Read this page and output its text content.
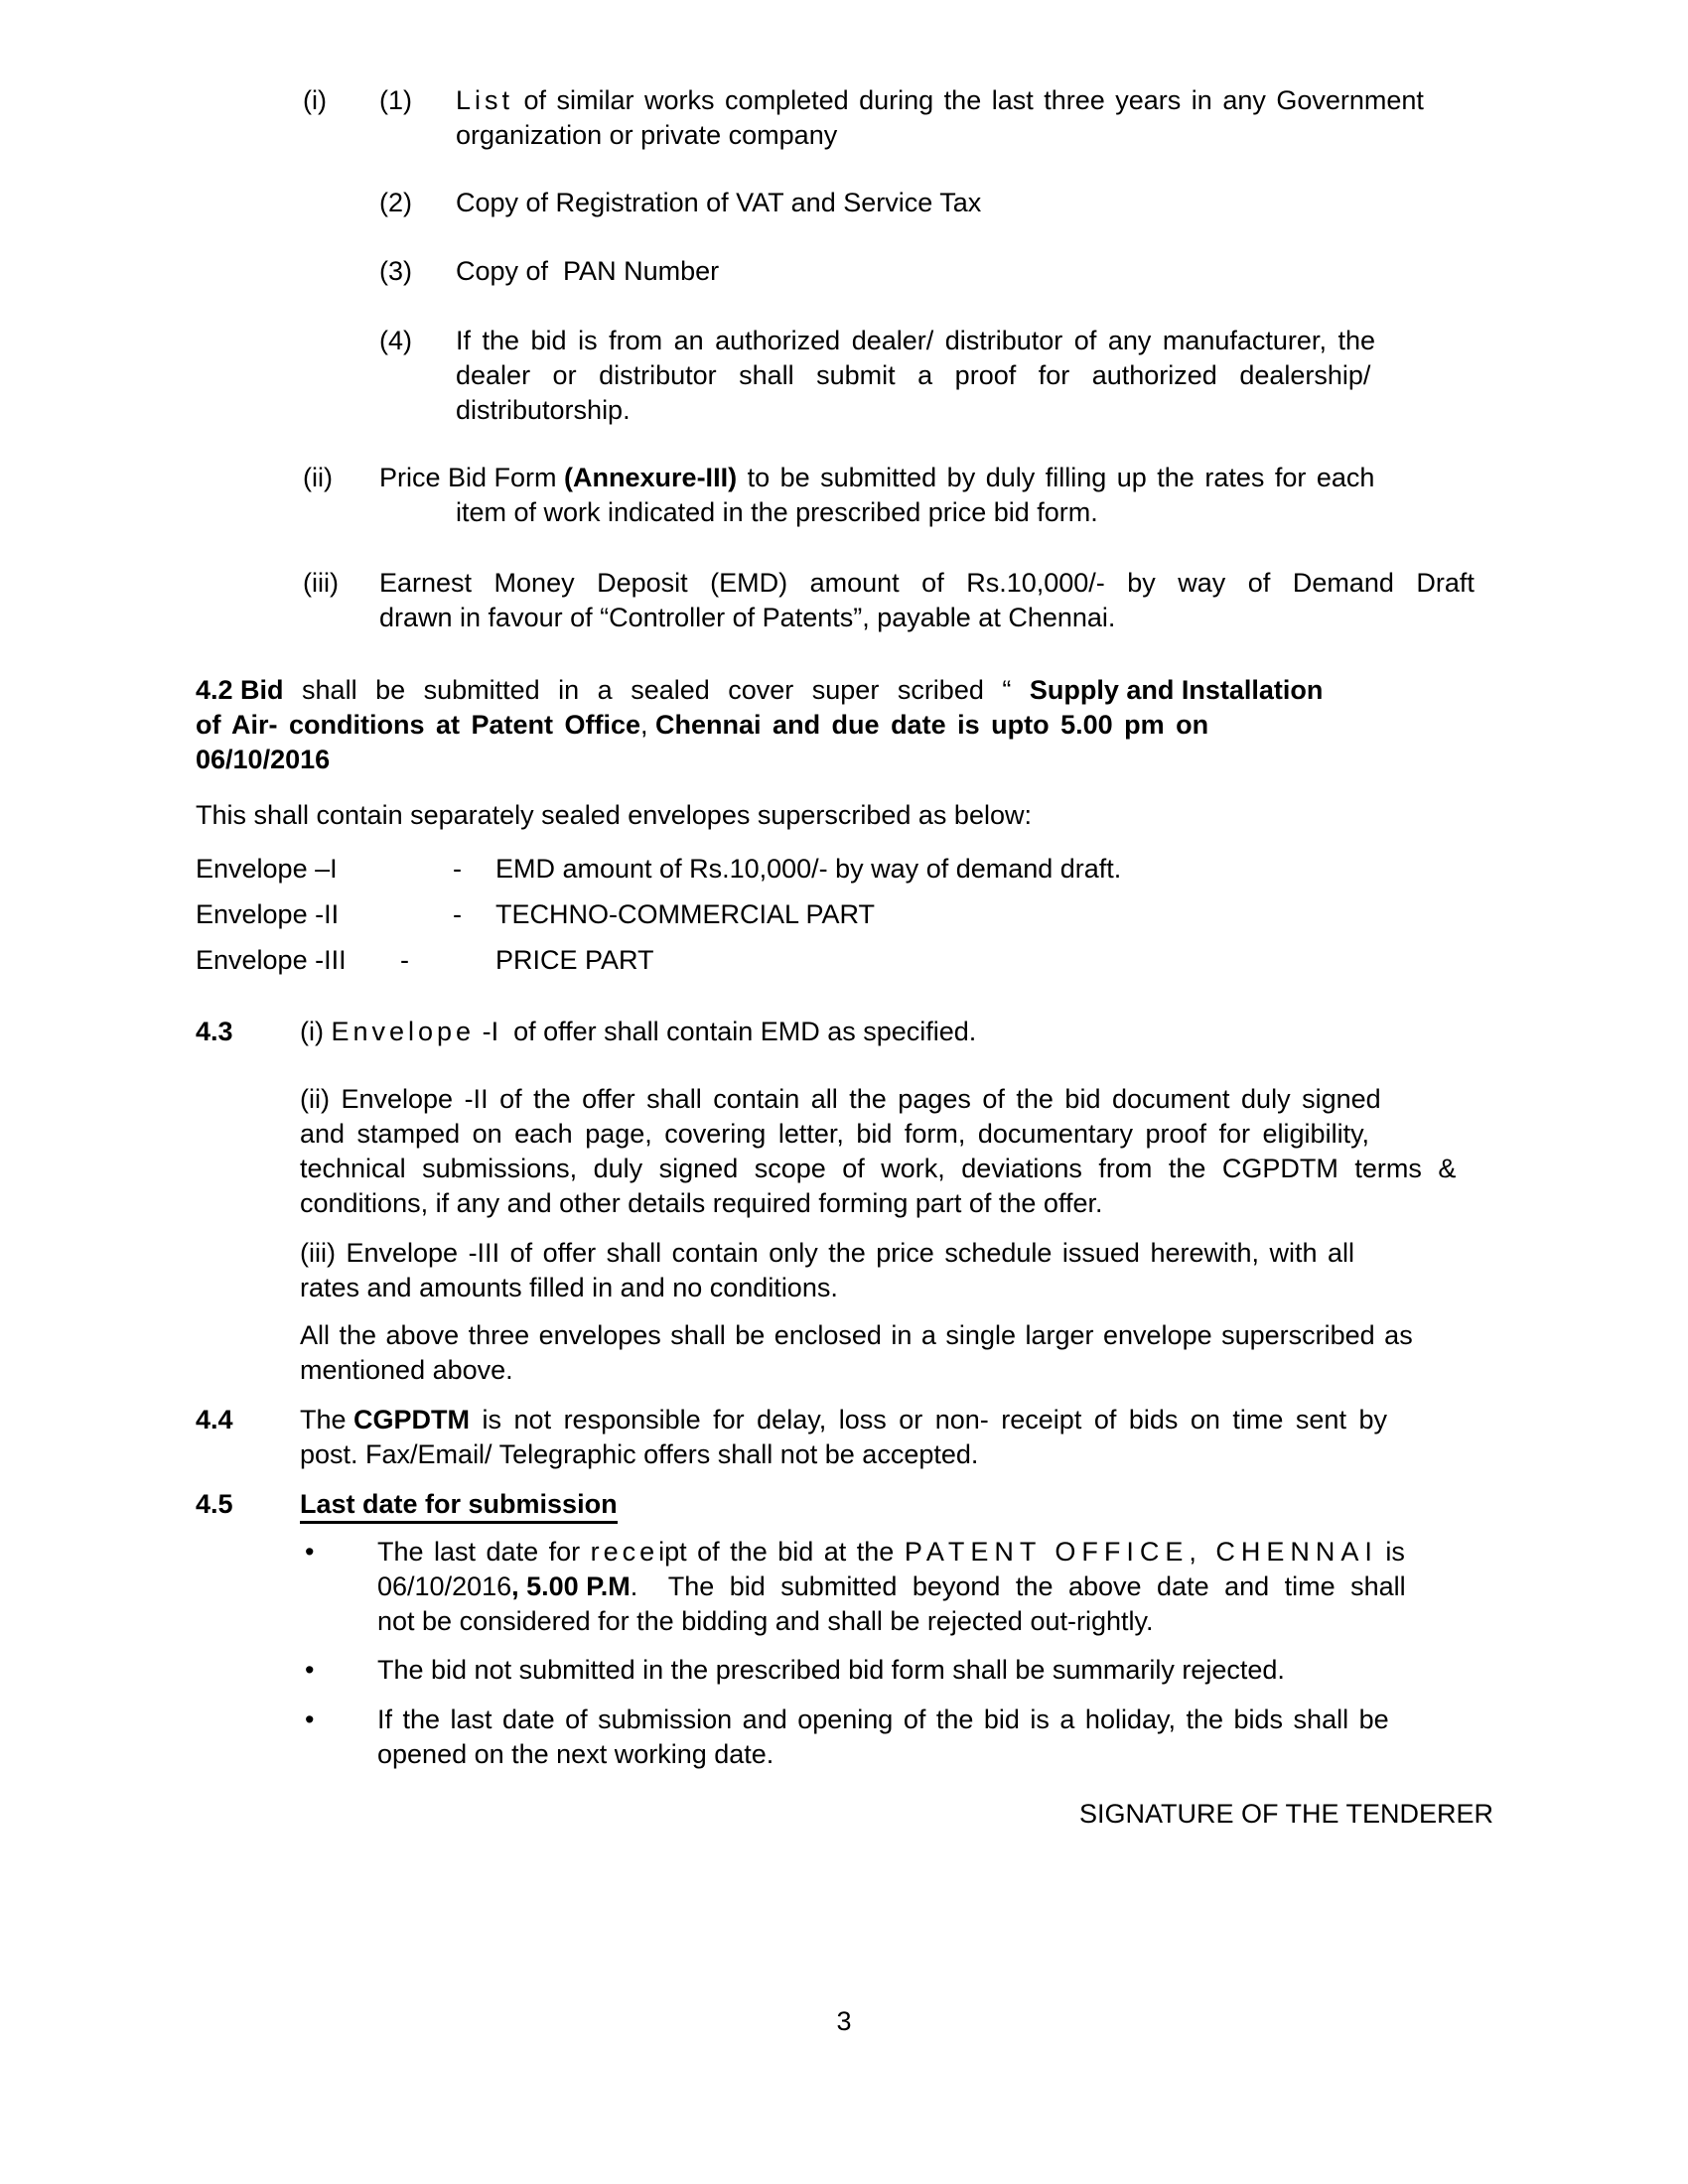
(i) (1) List of similar works completed during the last three years in any Government
organization or private company
(2) Copy of Registration of VAT and Service Tax
(3) Copy of  PAN Number
(4) If the bid is from an authorized dealer/ distributor of any manufacturer, the
dealer or distributor shall submit a proof for authorized dealership/
distributorship.
(ii) Price Bid Form (Annexure-III) to be submitted by duly filling up the rates for each
item of work indicated in the prescribed price bid form.
(iii) Earnest Money Deposit (EMD) amount of Rs.10,000/- by way of Demand Draft
drawn in favour of “Controller of Patents”, payable at Chennai.
4.2 Bid shall be submitted in a sealed cover super scribed “ Supply and Installation
of Air- conditions at Patent Office, Chennai and due date is upto 5.00 pm on
06/10/2016
This shall contain separately sealed envelopes superscribed as below:
Envelope –I	- EMD amount of Rs.10,000/- by way of demand draft.
Envelope -II	- TECHNO-COMMERCIAL PART
Envelope -III -	PRICE PART
4.3 (i) Envelope -I  of offer shall contain EMD as specified.
(ii) Envelope -II of the offer shall contain all the pages of the bid document duly signed
and stamped on each page, covering letter, bid form, documentary proof for eligibility,
technical submissions, duly signed scope of work, deviations from the CGPDTM terms &
conditions, if any and other details required forming part of the offer.
(iii) Envelope -III of offer shall contain only the price schedule issued herewith, with all
rates and amounts filled in and no conditions.
All the above three envelopes shall be enclosed in a single larger envelope superscribed as
mentioned above.
4.4 The CGPDTM is not responsible for delay, loss or non- receipt of bids on time sent by
post. Fax/Email/ Telegraphic offers shall not be accepted.
4.5 Last date for submission
• The last date for receipt of the bid at the PATENT OFFICE, CHENNAI is
06/10/2016, 5.00 P.M.  The bid submitted beyond the above date and time shall
not be considered for the bidding and shall be rejected out-rightly.
• The bid not submitted in the prescribed bid form shall be summarily rejected.
• If the last date of submission and opening of the bid is a holiday, the bids shall be
opened on the next working date.
SIGNATURE OF THE TENDERER
3
